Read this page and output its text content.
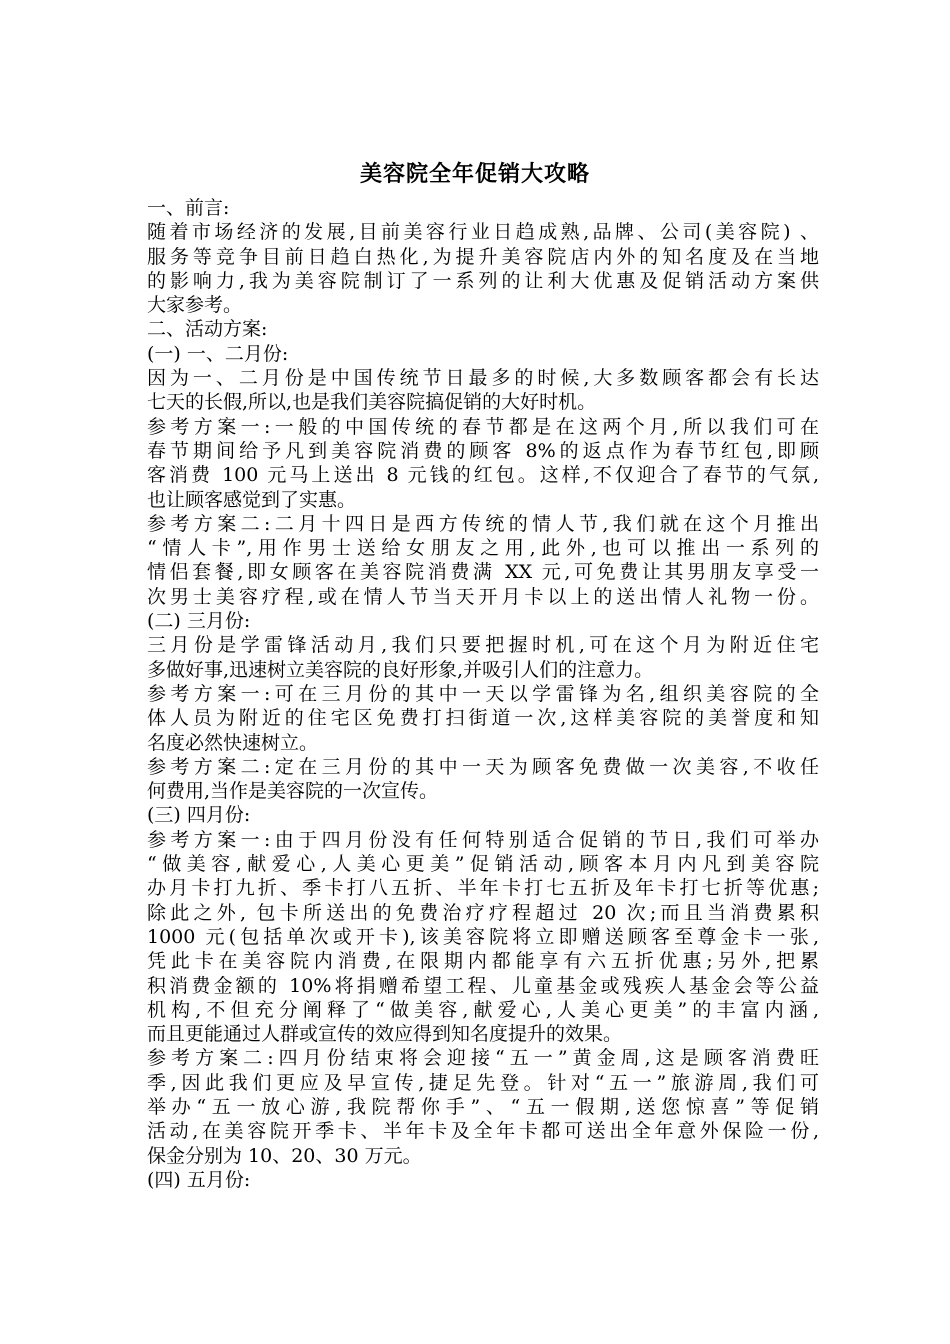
美容院全年促销大攻略
一、前言:
随着市场经济的发展,目前美容行业日趋成熟,品牌、公司(美容院) 、
服务等竞争目前日趋白热化,为提升美容院店内外的知名度及在当地
的影响力,我为美容院制订了一系列的让利大优惠及促销活动方案供
大家参考。
二、活动方案:
(一) 一、二月份:
因为一、二月份是中国传统节日最多的时候,大多数顾客都会有长达
七天的长假,所以,也是我们美容院搞促销的大好时机。
参考方案一:一般的中国传统的春节都是在这两个月,所以我们可在
春节期间给予凡到美容院消费的顾客 8%的返点作为春节红包,即顾
客消费 100 元马上送出 8 元钱的红包。这样,不仅迎合了春节的气氛,
也让顾客感觉到了实惠。
参考方案二:二月十四日是西方传统的情人节,我们就在这个月推出
“情人卡”,用作男士送给女朋友之用,此外,也可以推出一系列的
情侣套餐,即女顾客在美容院消费满 XX 元,可免费让其男朋友享受一
次男士美容疗程,或在情人节当天开月卡以上的送出情人礼物一份。
(二) 三月份:
三月份是学雷锋活动月,我们只要把握时机,可在这个月为附近住宅
多做好事,迅速树立美容院的良好形象,并吸引人们的注意力。
参考方案一:可在三月份的其中一天以学雷锋为名,组织美容院的全
体人员为附近的住宅区免费打扫街道一次,这样美容院的美誉度和知
名度必然快速树立。
参考方案二:定在三月份的其中一天为顾客免费做一次美容,不收任
何费用,当作是美容院的一次宣传。
(三) 四月份:
参考方案一:由于四月份没有任何特别适合促销的节日,我们可举办
“做美容,献爱心,人美心更美”促销活动,顾客本月内凡到美容院
办月卡打九折、季卡打八五折、半年卡打七五折及年卡打七折等优惠;
除此之外, 包卡所送出的免费治疗疗程超过 20 次;而且当消费累积
1000 元(包括单次或开卡),该美容院将立即赠送顾客至尊金卡一张,
凭此卡在美容院内消费,在限期内都能享有六五折优惠;另外,把累
积消费金额的 10%将捐赠希望工程、儿童基金或残疾人基金会等公益
机构,不但充分阐释了“做美容,献爱心,人美心更美”的丰富内涵,
而且更能通过人群或宣传的效应得到知名度提升的效果。
参考方案二:四月份结束将会迎接“五一”黄金周,这是顾客消费旺
季,因此我们更应及早宣传,捷足先登。针对“五一”旅游周,我们可
举办“五一放心游,我院帮你手”、“五一假期,送您惊喜”等促销
活动,在美容院开季卡、半年卡及全年卡都可送出全年意外保险一份,
保金分别为 10、20、30 万元。
(四) 五月份:
